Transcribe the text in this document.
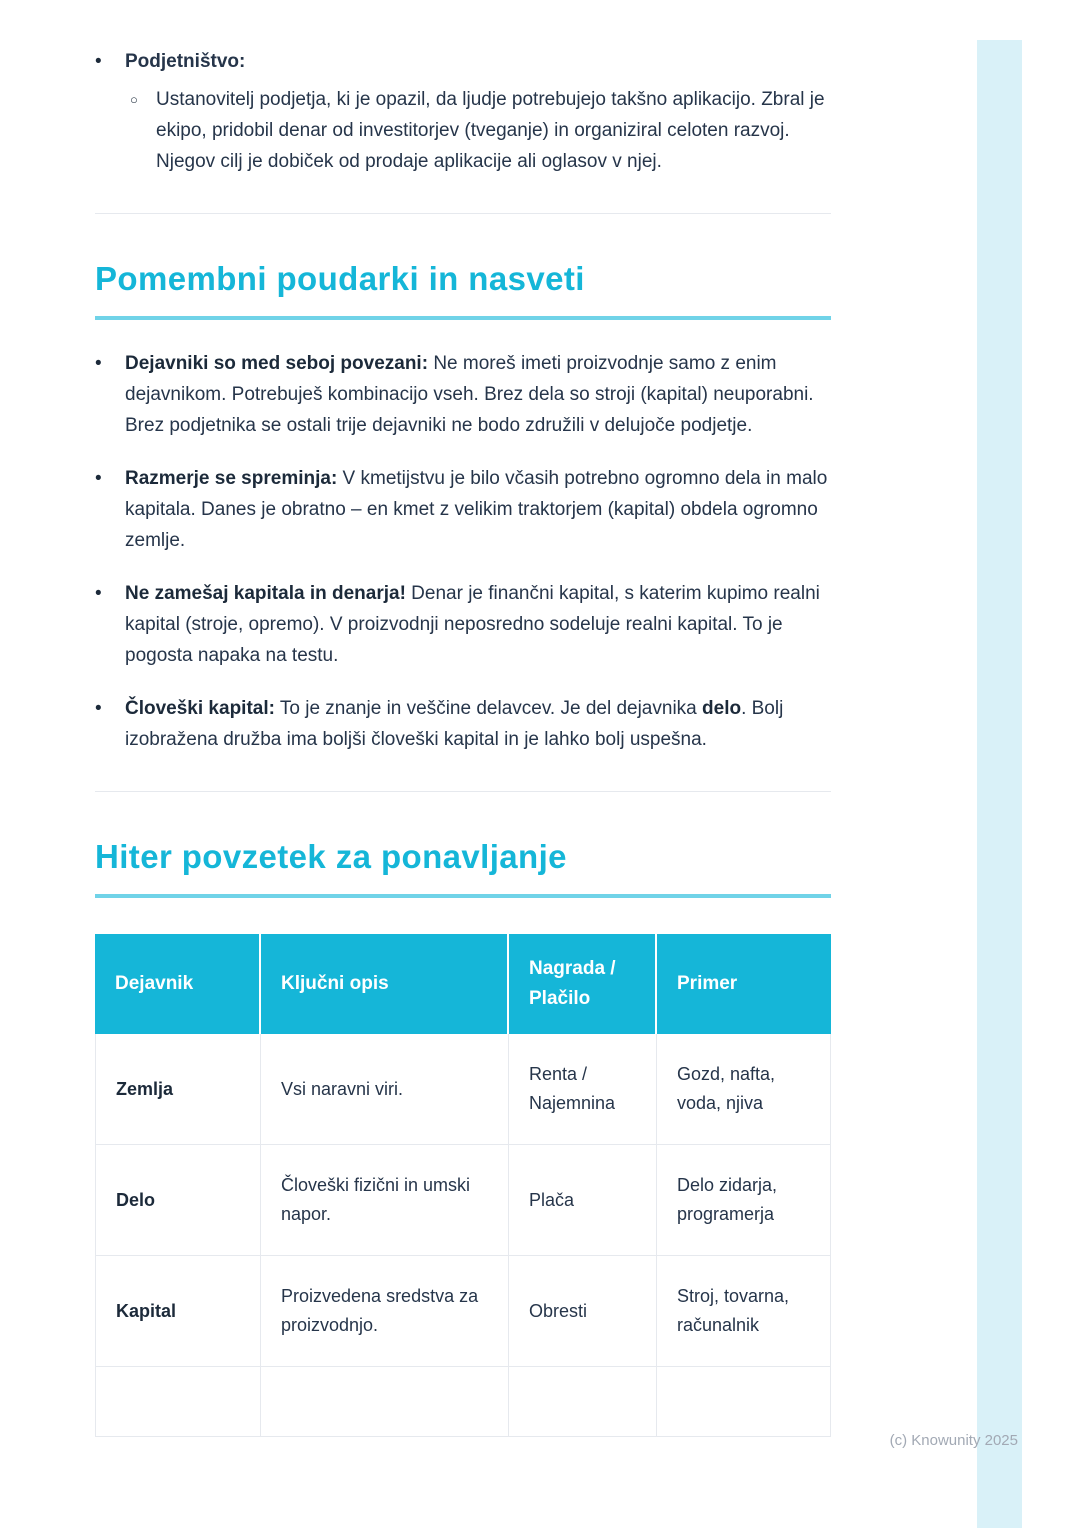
(c) Knowunity 2025
•	Podjetništvo:

○ Ustanovitelj podjetja, ki je opazil, da ljudje potrebujejo takšno aplikacijo. Zbral je ekipo, pridobil denar od investitorjev (tveganje) in organiziral celoten razvoj. Njegov cilj je dobiček od prodaje aplikacije ali oglasov v njej.

Pomembni poudarki in nasveti
•	Dejavniki so med seboj povezani: Ne moreš imeti proizvodnje samo z enim dejavnikom. Potrebuješ kombinacijo vseh. Brez dela so stroji (kapital) neuporabni. Brez podjetnika se ostali trije dejavniki ne bodo združili v delujoče podjetje.

•	Razmerje se spreminja: V kmetijstvu je bilo včasih potrebno ogromno dela in malo kapitala. Danes je obratno – en kmet z velikim traktorjem (kapital) obdela ogromno zemlje.

•	Ne zamešaj kapitala in denarja! Denar je finančni kapital, s katerim kupimo realni kapital (stroje, opremo). V proizvodnji neposredno sodeluje realni kapital. To je pogosta napaka na testu.

•	Človeški kapital: To je znanje in veščine delavcev. Je del dejavnika delo. Bolj izobražena družba ima boljši človeški kapital in je lahko bolj uspešna.

Hiter povzetek za ponavljanje
Dejavnik	Ključni opis	Nagrada / Plačilo	Primer
Zemlja	Vsi naravni viri.	Renta / Najemnina	Gozd, nafta, voda, njiva
Delo	Človeški fizični in umski napor.	Plača	Delo zidarja, programerja
Kapital	Proizvedena sredstva za proizvodnjo.	Obresti	Stroj, tovarna, računalnik
